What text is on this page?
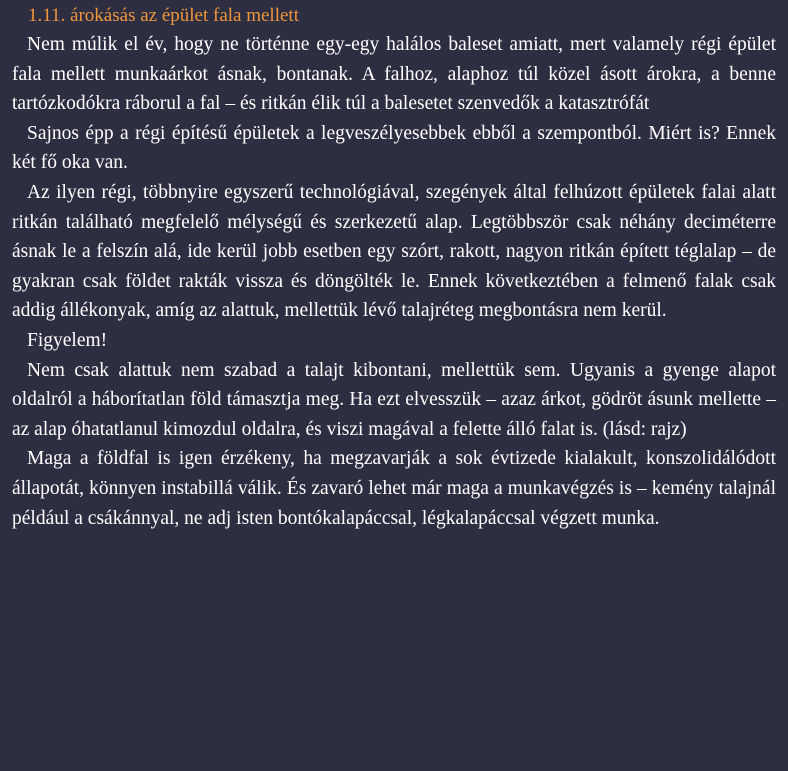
1.11. árokásás az épület fala mellett

Nem múlik el év, hogy ne történne egy-egy halálos baleset amiatt, mert valamely régi épület fala mellett munkaárkot ásnak, bontanak. A falhoz, alaphoz túl közel ásott árokra, a benne tartózkodókra ráborul a fal – és ritkán élik túl a balesetet szenvedők a katasztrófát

Sajnos épp a régi építésű épületek a legveszélyesebbek ebből a szempontból. Miért is? Ennek két fő oka van.

Az ilyen régi, többnyire egyszerű technológiával, szegények által felhúzott épületek falai alatt ritkán található megfelelő mélységű és szerkezetű alap. Legtöbbször csak néhány deciméterre ásnak le a felszín alá, ide kerül jobb esetben egy szórt, rakott, nagyon ritkán épített téglalap – de gyakran csak földet rakták vissza és döngölték le. Ennek következtében a felmenő falak csak addig állékonyak, amíg az alattuk, mellettük lévő talajréteg megbontásra nem kerül.

Figyelem!

Nem csak alattuk nem szabad a talajt kibontani, mellettük sem. Ugyanis a gyenge alapot oldalról a háborítatlan föld támasztja meg. Ha ezt elvesszük – azaz árkot, gödröt ásunk mellette – az alap óhatatlanul kimozdul oldalra, és viszi magával a felette álló falat is. (lásd: rajz)

Maga a földfal is igen érzékeny, ha megzavarják a sok évtizede kialakult, konszolidálódott állapotát, könnyen instabillá válik. És zavaró lehet már maga a munkavégzés is – kemény talajnál például a csákánnyal, ne adj isten bontókalapáccsal, légkalapáccsal végzett munka.
